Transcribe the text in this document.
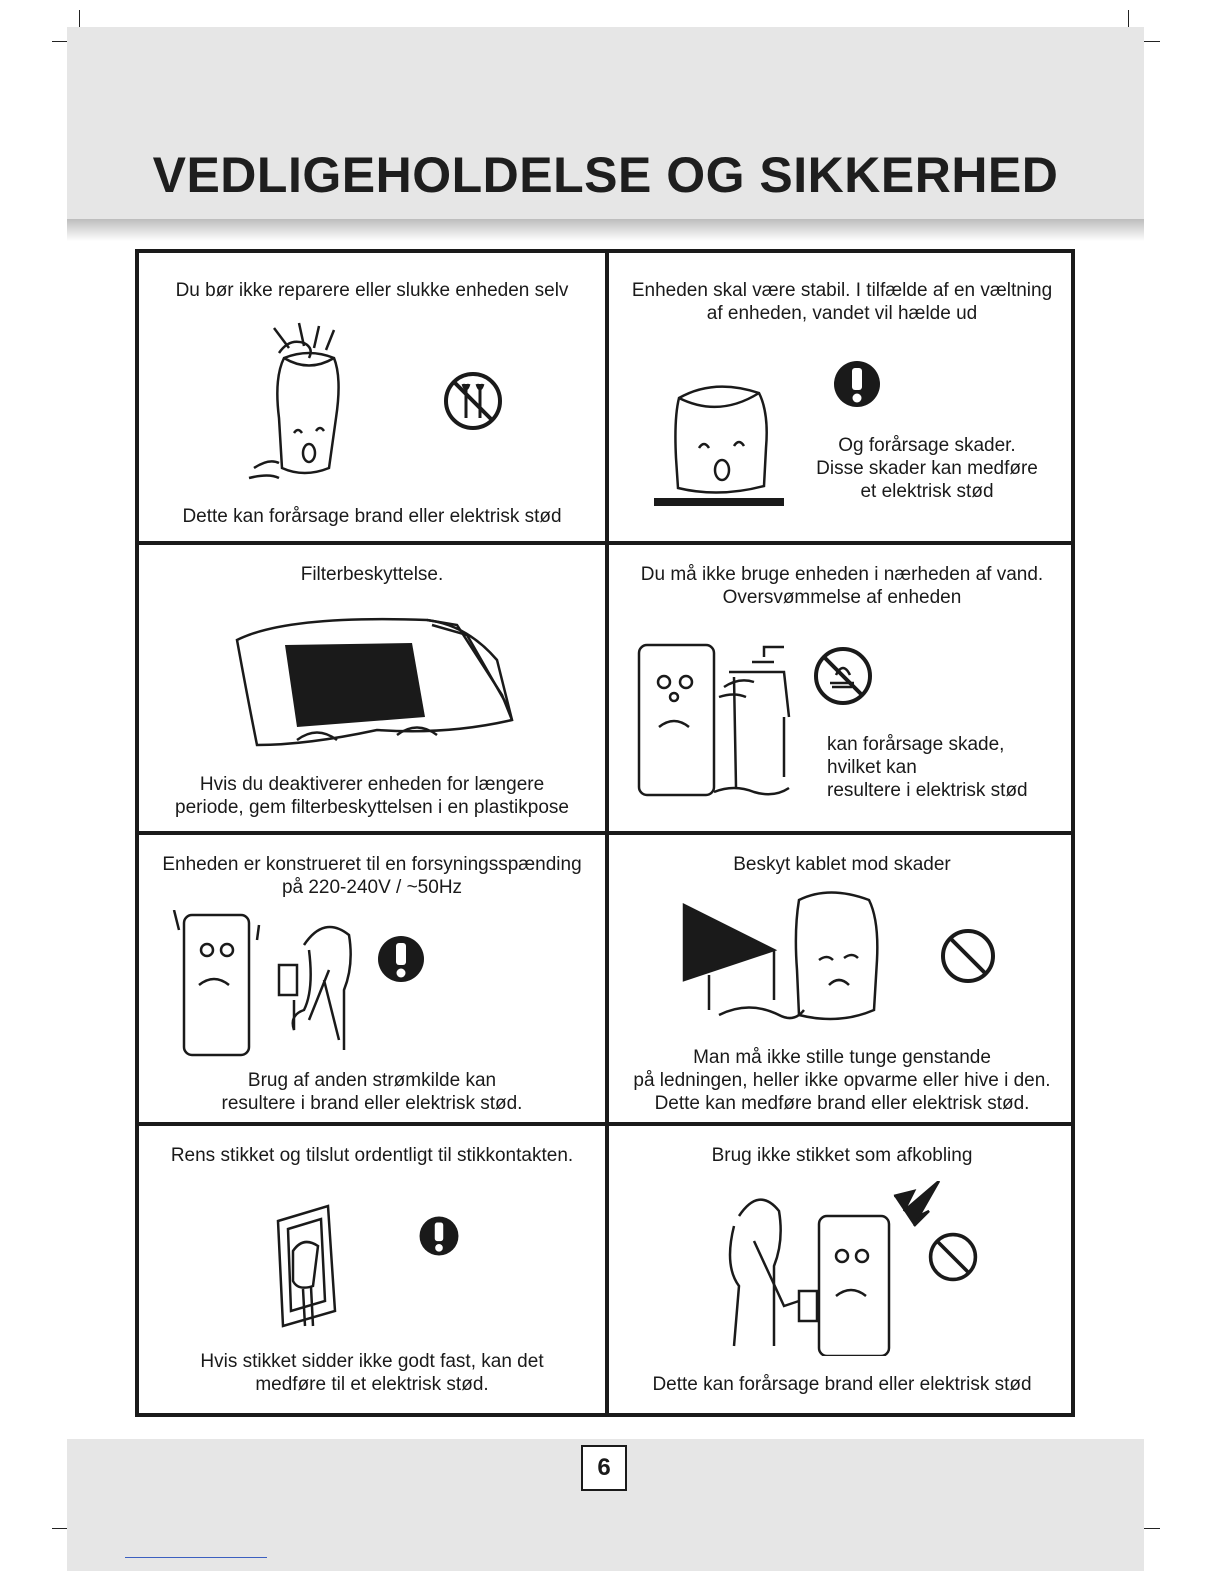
VEDLIGEHOLDELSE OG SIKKERHED
Du bør ikke reparere eller slukke enheden selv
Dette kan forårsage brand eller elektrisk stød
Enheden skal være stabil. I tilfælde af en væltning
af enheden, vandet vil hælde ud
Og forårsage skader.
Disse skader kan medføre
et elektrisk stød
Filterbeskyttelse.
Hvis du deaktiverer enheden for længere
periode, gem filterbeskyttelsen i en plastikpose
Du må ikke bruge enheden i nærheden af vand.
Oversvømmelse af enheden
kan forårsage skade,
hvilket kan
resultere i elektrisk stød
Enheden er konstrueret til en forsyningsspænding
på 220-240V / ~50Hz
Brug af anden strømkilde kan
resultere i brand eller elektrisk stød.
Beskyt kablet mod skader
Man må ikke stille tunge genstande
på ledningen, heller ikke opvarme eller hive i den.
Dette kan medføre brand eller elektrisk stød.
Rens stikket og tilslut ordentligt til stikkontakten.
Hvis stikket sidder ikke godt fast, kan det
medføre til et elektrisk stød.
Brug ikke stikket som afkobling
Dette kan forårsage brand eller elektrisk stød
6
